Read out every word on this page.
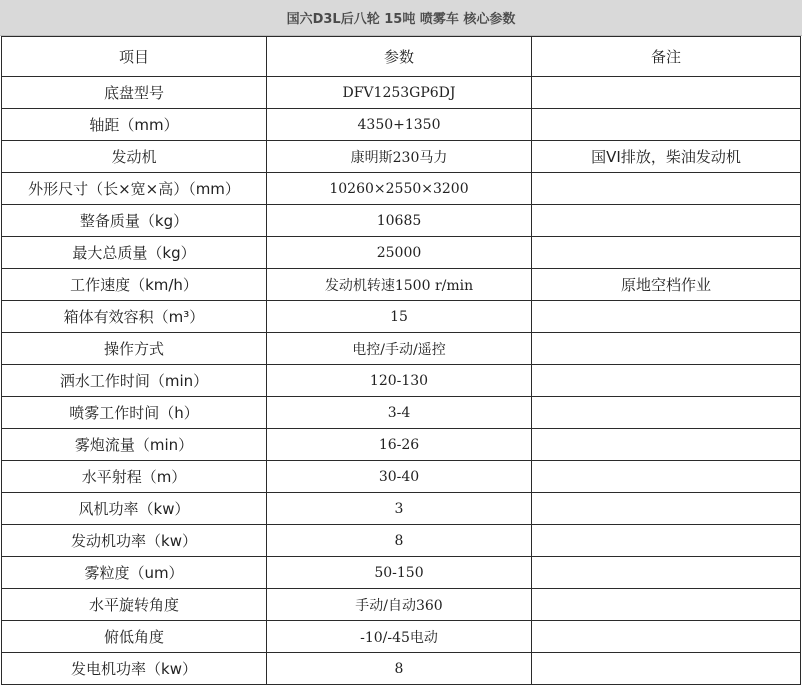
国六D3L后八轮 15吨 喷雾车 核心参数
项目	参数	备注
底盘型号	DFV1253GP6DJ	
轴距（mm）	4350+1350	
发动机	康明斯230马力	国VI排放，柴油发动机
外形尺寸（长×宽×高）（mm）	10260×2550×3200	
整备质量（kg）	10685	
最大总质量（kg）	25000	
工作速度（km/h）	发动机转速1500 r/min	原地空档作业
箱体有效容积（m³）	15	
操作方式	电控/手动/遥控	
洒水工作时间（min）	120-130	
喷雾工作时间（h）	3-4	
雾炮流量（min）	16-26	
水平射程（m）	30-40	
风机功率（kw）	3	
发动机功率（kw）	8	
雾粒度（um）	50-150	
水平旋转角度	手动/自动360	
俯低角度	-10/-45电动	
发电机功率（kw）	8	
